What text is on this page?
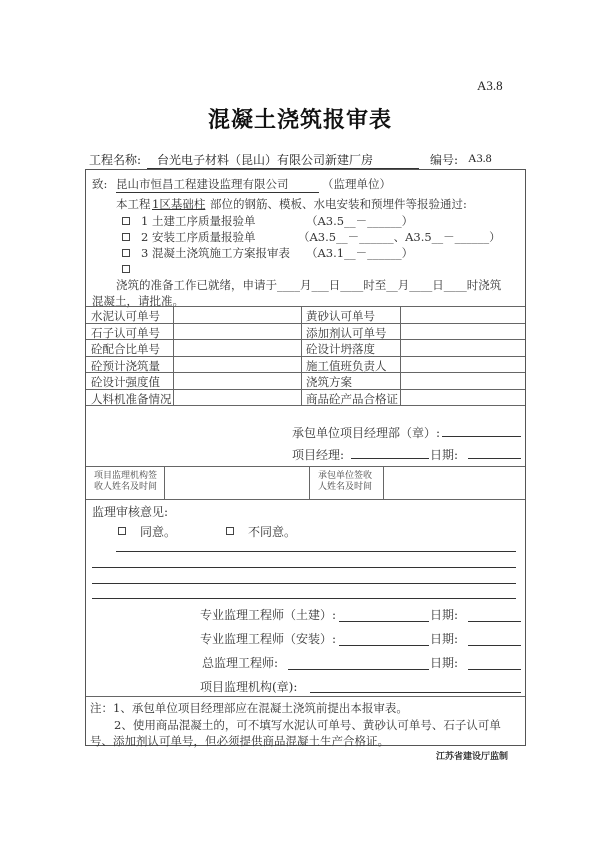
A3.8
混凝土浇筑报审表
工程名称:	台光电子材料（昆山）有限公司新建厂房	编号: A3.8
致: 昆山市恒昌工程建设监理有限公司	（监理单位）
本工程 1区基础柱 部位的钢筋、模板、水电安装和预埋件等报验通过:
1 土建工序质量报验单	（A3.5__－______）
2 安装工序质量报验单	（A3.5__－______、A3.5__－______）
3 混凝土浇筑施工方案报审表 （A3.1__－______）
浇筑的准备工作已就绪，申请于____月___日____时至__月____日____时浇筑
混凝土，请批准。
水泥认可单号	黄砂认可单号
石子认可单号	添加剂认可单号
砼配合比单号	砼设计坍落度
砼预计浇筑量	施工值班负责人
砼设计强度值	浇筑方案
人料机准备情况	商品砼产品合格证
承包单位项目经理部（章）:
项目经理:	日期:
项目监理机构签
收人姓名及时间
承包单位签收
人姓名及时间
监理审核意见:
同意。	不同意。
专业监理工程师（土建）:	日期:
专业监理工程师（安装）:	日期:
总监理工程师:	日期:
项目监理机构(章):
注：1、承包单位项目经理部应在混凝土浇筑前提出本报审表。
2、使用商品混凝土的，可不填写水泥认可单号、黄砂认可单号、石子认可单
号、添加剂认可单号，但必须提供商品混凝土生产合格证。
江苏省建设厅监制
